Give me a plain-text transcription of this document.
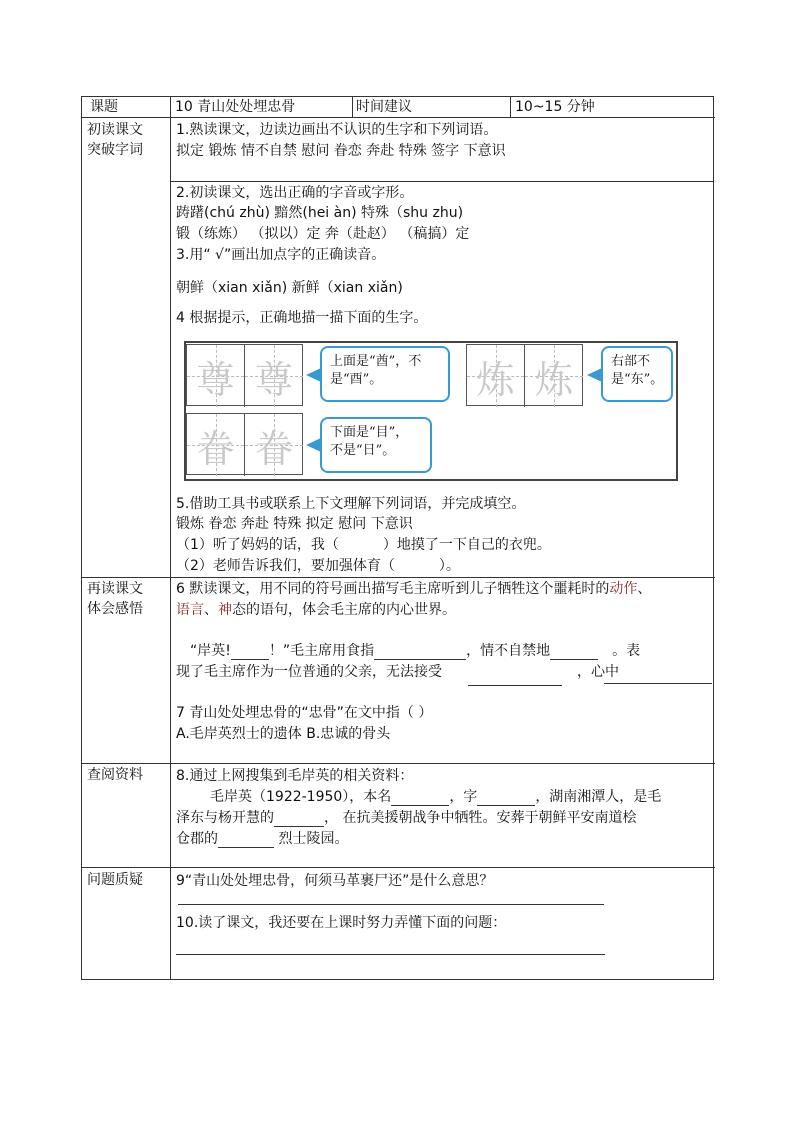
课题	10 青山处处埋忠骨	时间建议	10~15 分钟
初读课文
突破字词
1.熟读课文，边读边画出不认识的生字和下列词语。
拟定 锻炼 情不自禁 慰问 眷恋 奔赴 特殊 签字 下意识
2.初读课文，选出正确的字音或字形。
踌躇(chú zhù) 黯然(hei àn) 特殊（shu zhu)
锻（练炼） （拟以）定 奔（赴赵） （稿搞）定
3.用“ √”画出加点字的正确读音。
朝鲜（xian xiǎn) 新鲜（xian xiǎn)
4 根据提示，正确地描一描下面的生字。
尊 尊	上面是“酋”，不
是“酉”。	炼 炼	右部不
是“东”。
眷 眷	下面是“目”，
不是“日”。
5.借助工具书或联系上下文理解下列词语，并完成填空。
锻炼 眷恋 奔赴 特殊 拟定 慰问 下意识
（1）听了妈妈的话，我（	）地摸了一下自己的衣兜。
（2）老师告诉我们，要加强体育（	）。
再读课文
体会感悟
6 默读课文，用不同的符号画出描写毛主席听到儿子牺牲这个噩耗时的动作、
语言、神态的语句，体会毛主席的内心世界。
“岸英!	！”毛主席用食指	，情不自禁地	。表
现了毛主席作为一位普通的父亲，无法接受	，心中
7 青山处处埋忠骨的“忠骨”在文中指（ ）
A.毛岸英烈士的遗体 B.忠诚的骨头
查阅资料 8.通过上网搜集到毛岸英的相关资料：
毛岸英（1922-1950），本名	，字	，湖南湘潭人，是毛
泽东与杨开慧的	， 在抗美援朝战争中牺牲。安葬于朝鲜平安南道桧
仓郡的	烈士陵园。
问题质疑 9“青山处处埋忠骨，何须马革裹尸还”是什么意思？
10.读了课文，我还要在上课时努力弄懂下面的问题：
